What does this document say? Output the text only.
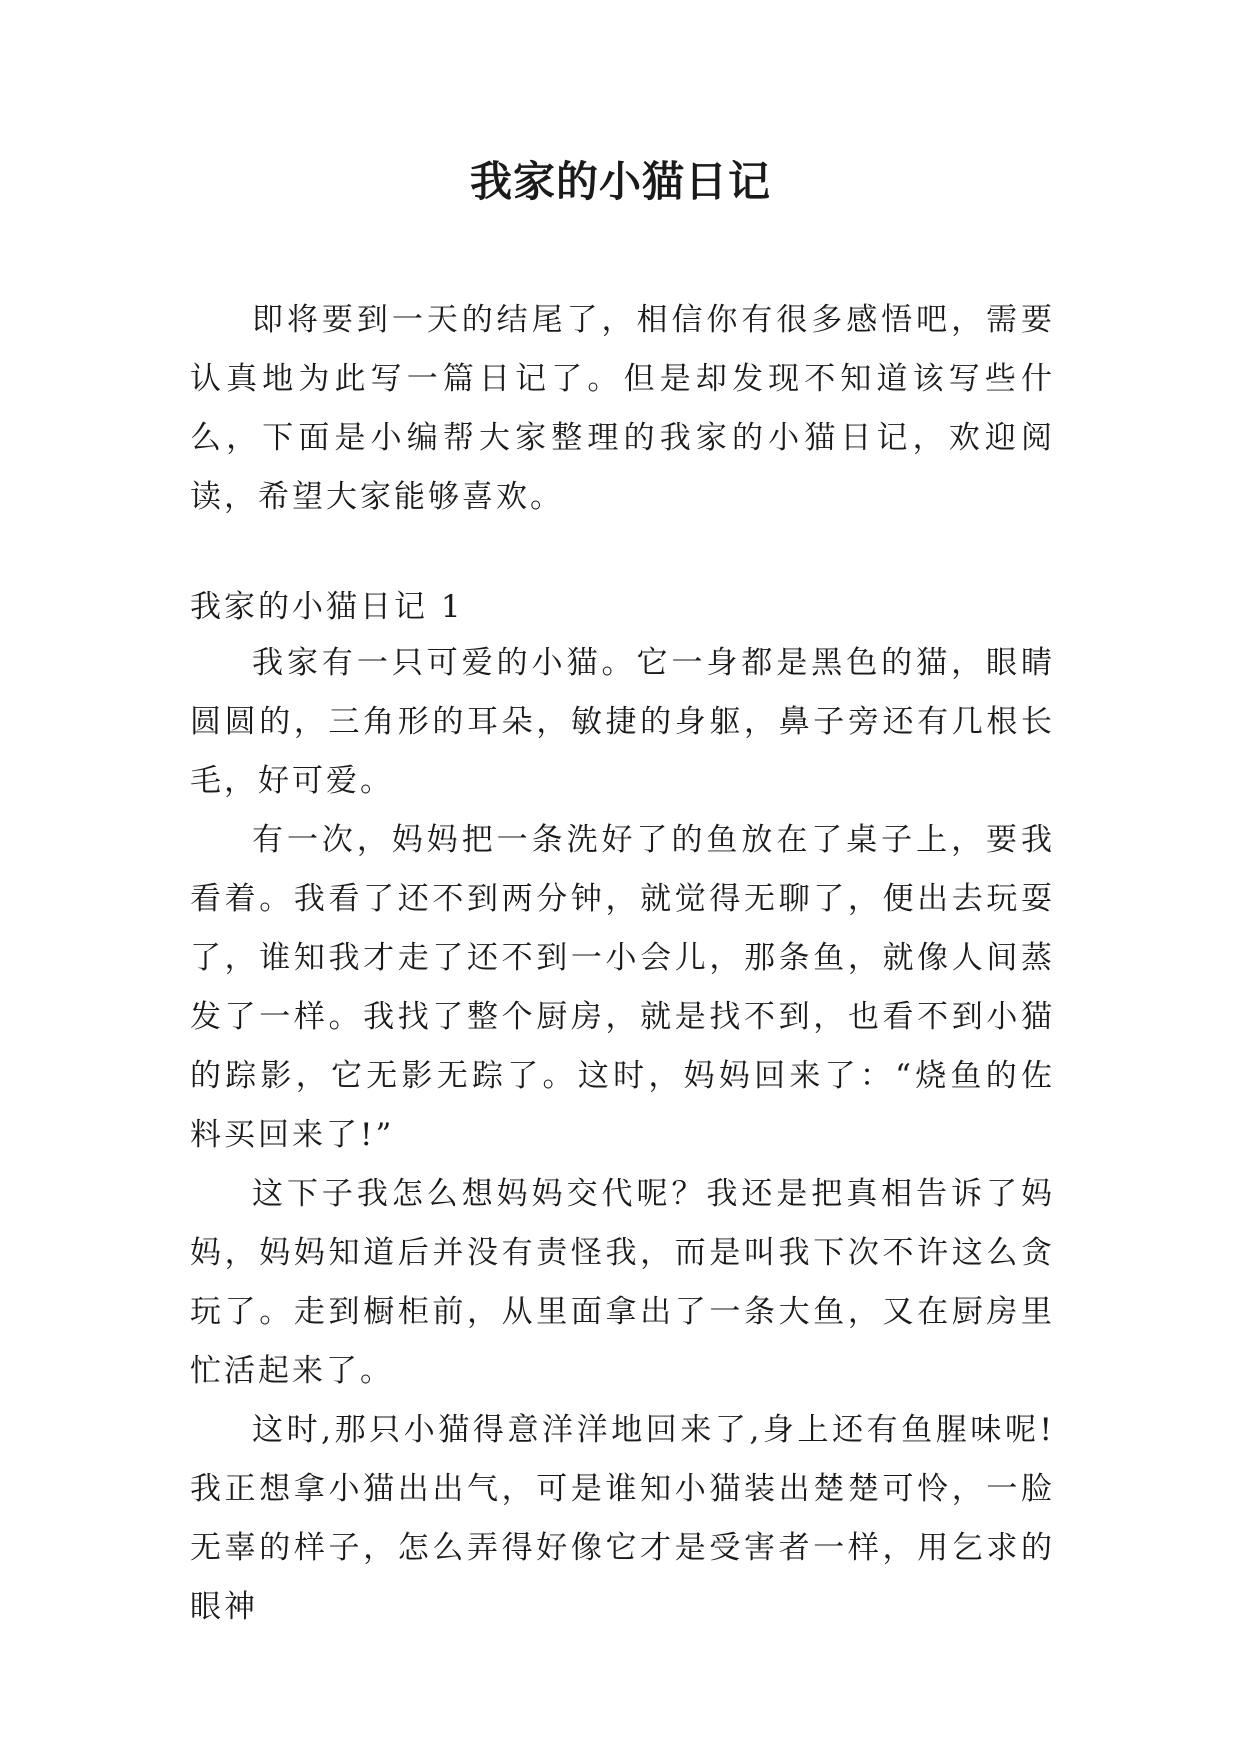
我家的小猫日记

即将要到一天的结尾了，相信你有很多感悟吧，需要认真地为此写一篇日记了。但是却发现不知道该写些什么，下面是小编帮大家整理的我家的小猫日记，欢迎阅读，希望大家能够喜欢。

我家的小猫日记 1

我家有一只可爱的小猫。它一身都是黑色的猫，眼睛圆圆的，三角形的耳朵，敏捷的身躯，鼻子旁还有几根长毛，好可爱。

有一次，妈妈把一条洗好了的鱼放在了桌子上，要我看着。我看了还不到两分钟，就觉得无聊了，便出去玩耍了，谁知我才走了还不到一小会儿，那条鱼，就像人间蒸发了一样。我找了整个厨房，就是找不到，也看不到小猫的踪影，它无影无踪了。这时，妈妈回来了：“烧鱼的佐料买回来了!”

这下子我怎么想妈妈交代呢？我还是把真相告诉了妈妈，妈妈知道后并没有责怪我，而是叫我下次不许这么贪玩了。走到橱柜前，从里面拿出了一条大鱼，又在厨房里忙活起来了。

这时,那只小猫得意洋洋地回来了,身上还有鱼腥味呢!我正想拿小猫出出气，可是谁知小猫装出楚楚可怜，一脸无辜的样子，怎么弄得好像它才是受害者一样，用乞求的眼神
